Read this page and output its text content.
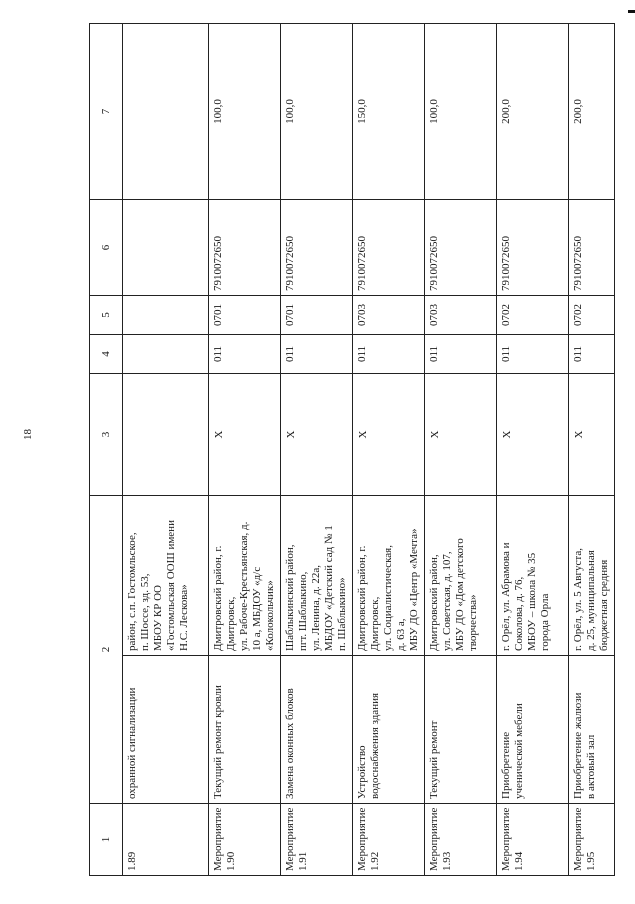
18
1	2		3	4	5	6	7

1.89	охранной сигнализации	район, с.п. Гостомльское, п. Шоссе, зд. 53, МБОУ КР ОО «Гостомльская ООШ имени Н.С. Лескова»					

Мероприятие 1.90	Текущий ремонт кровли	Дмитровский район, г. Дмитровск, ул. Рабоче-Крестьянская, д. 10 а, МБДОУ «д/с «Колокольчик»	Х	011	0701	7910072650	100,0

Мероприятие 1.91	Замена оконных блоков	Шаблыкинский район, пгт. Шаблыкино, ул. Ленина, д. 22а, МБДОУ «Детский сад № 1 п. Шаблыкино»	Х	011	0701	7910072650	100,0

Мероприятие 1.92	Устройство водоснабжения здания	Дмитровский район, г. Дмитровск, ул. Социалистическая, д. 63 а, МБУ ДО «Центр «Мечта»	Х	011	0703	7910072650	150,0

Мероприятие 1.93	Текущий ремонт	Дмитровский район, ул. Советская, д. 107, МБУ ДО «Дом детского творчества»	Х	011	0703	7910072650	100,0

Мероприятие 1.94	Приобретение ученической мебели	г. Орёл, ул. Абрамова и Соколова, д. 76, МБОУ – школа № 35 города Орла	Х	011	0702	7910072650	200,0

Мероприятие 1.95	Приобретение жалюзи в актовый зал	г. Орёл, ул. 5 Августа, д. 25, муниципальная бюджетная средняя	Х	011	0702	7910072650	200,0
